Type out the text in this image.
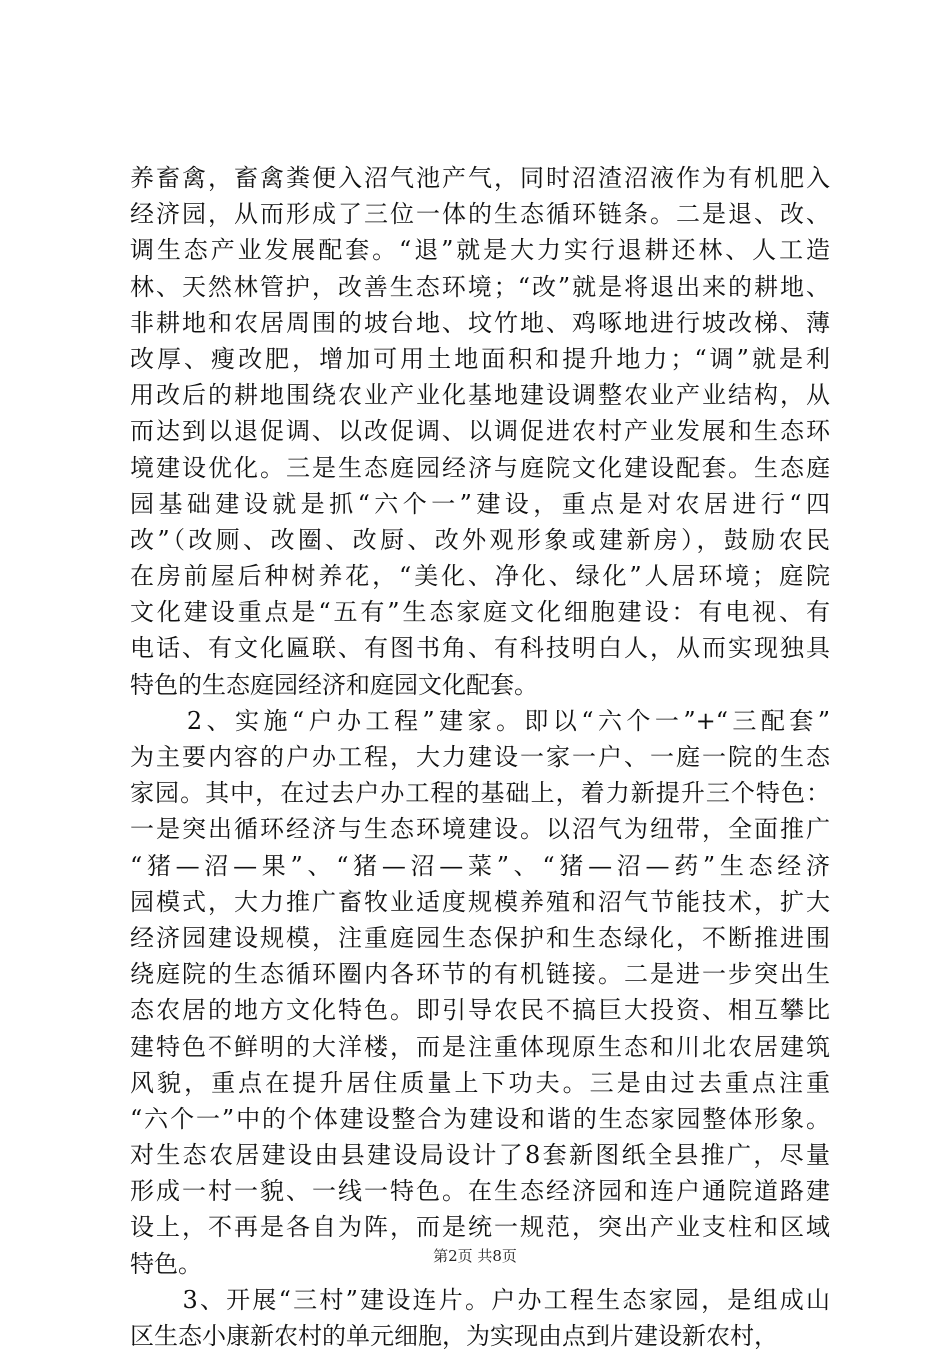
养畜禽，畜禽粪便入沼气池产气，同时沼渣沼液作为有机肥入
经济园，从而形成了三位一体的生态循环链条。二是退、改、
调生态产业发展配套。“退”就是大力实行退耕还林、人工造
林、天然林管护，改善生态环境；“改”就是将退出来的耕地、
非耕地和农居周围的坡台地、坟竹地、鸡啄地进行坡改梯、薄
改厚、瘦改肥，增加可用土地面积和提升地力；“调”就是利
用改后的耕地围绕农业产业化基地建设调整农业产业结构，从
而达到以退促调、以改促调、以调促进农村产业发展和生态环
境建设优化。三是生态庭园经济与庭院文化建设配套。生态庭
园基础建设就是抓“六个一”建设，重点是对农居进行“四
改”（改厕、改圈、改厨、改外观形象或建新房），鼓励农民
在房前屋后种树养花，“美化、净化、绿化”人居环境；庭院
文化建设重点是“五有”生态家庭文化细胞建设：有电视、有
电话、有文化匾联、有图书角、有科技明白人，从而实现独具
特色的生态庭园经济和庭园文化配套。
　　2、实施“户办工程”建家。即以“六个一”+“三配套”
为主要内容的户办工程，大力建设一家一户、一庭一院的生态
家园。其中，在过去户办工程的基础上，着力新提升三个特色：
一是突出循环经济与生态环境建设。以沼气为纽带，全面推广
“猪—沼—果”、“猪—沼—菜”、“猪—沼—药”生态经济
园模式，大力推广畜牧业适度规模养殖和沼气节能技术，扩大
经济园建设规模，注重庭园生态保护和生态绿化，不断推进围
绕庭院的生态循环圈内各环节的有机链接。二是进一步突出生
态农居的地方文化特色。即引导农民不搞巨大投资、相互攀比
建特色不鲜明的大洋楼，而是注重体现原生态和川北农居建筑
风貌，重点在提升居住质量上下功夫。三是由过去重点注重
“六个一”中的个体建设整合为建设和谐的生态家园整体形象。
对生态农居建设由县建设局设计了8套新图纸全县推广，尽量
形成一村一貌、一线一特色。在生态经济园和连户通院道路建
设上，不再是各自为阵，而是统一规范，突出产业支柱和区域
特色。
　　3、开展“三村”建设连片。户办工程生态家园，是组成山
区生态小康新农村的单元细胞，为实现由点到片建设新农村，
第2页 共8页
